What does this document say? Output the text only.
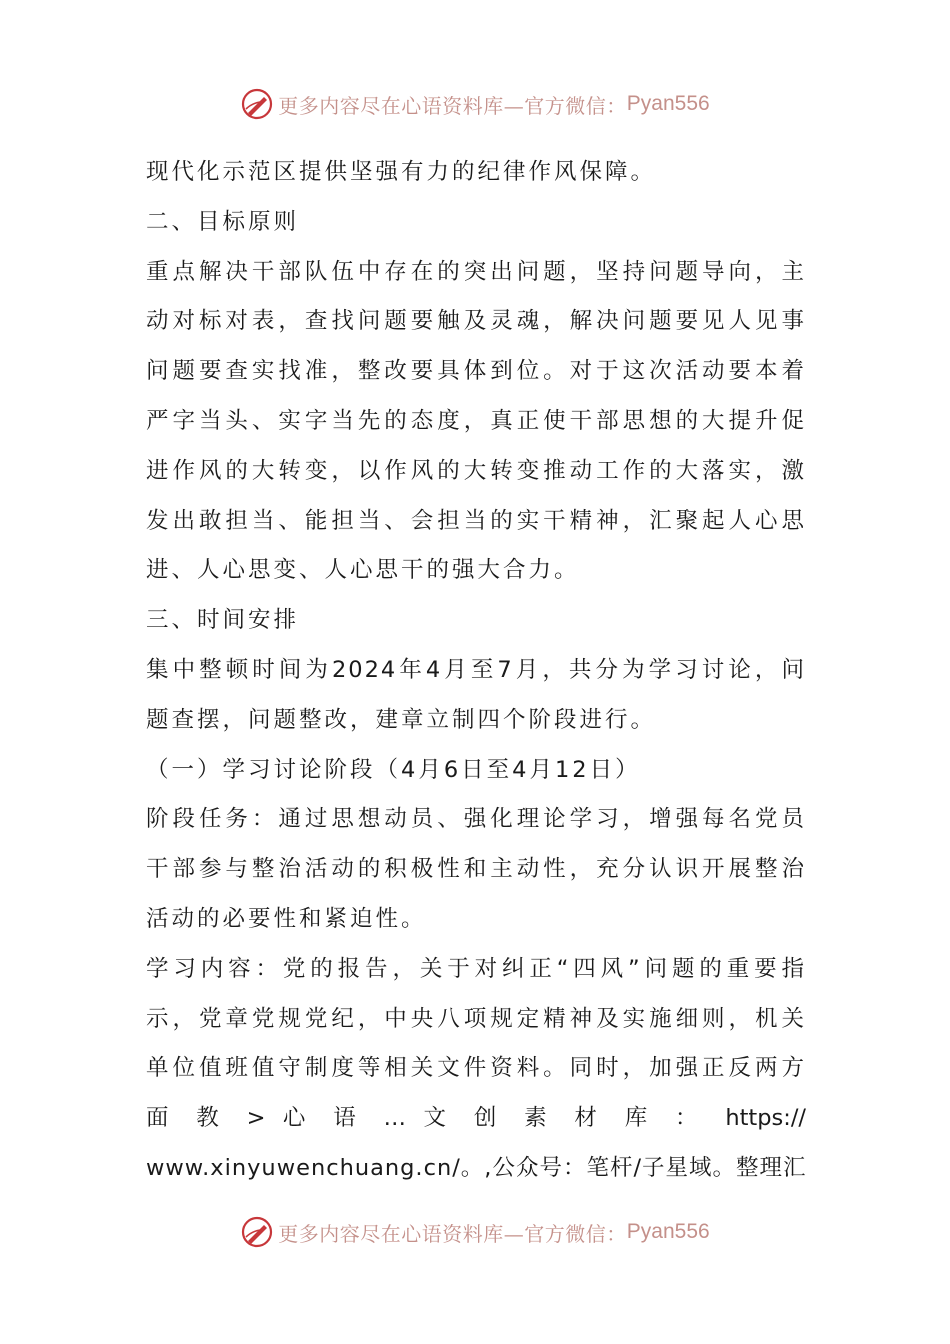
更多内容尽在心语资料库— 官方微信： Pyan556
现代化示范区提供坚强有力的纪律作风保障。
二、目标原则
重点解决干部队伍中存在的突出问题，坚持问题导向，主
动对标对表，查找问题要触及灵魂，解决问题要见人见事
问题要查实找准，整改要具体到位。对于这次活动要本着
严字当头、实字当先的态度，真正使干部思想的大提升促
进作风的大转变，以作风的大转变推动工作的大落实，激
发出敢担当、能担当、会担当的实干精神，汇聚起人心思
进、人心思变、人心思干的强大合力。
三、时间安排
集中整顿时间为2024年4月至7月，共分为学习讨论，问
题查摆，问题整改，建章立制四个阶段进行。
（一）学习讨论阶段（4月6日至4月12日）
阶段任务：通过思想动员、强化理论学习，增强每名党员
干部参与整治活动的积极性和主动性，充分认识开展整治
活动的必要性和紧迫性。
学习内容：党的报告，关于对纠正“四风”问题的重要指
示，党章党规党纪，中央八项规定精神及实施细则，机关
单位值班值守制度等相关文件资料。同时，加强正反两方
面 教 > 心 语 … 文 创 素 材 库 ： https://
www.xinyuwenchuang.cn/。,公众号：笔杆/子星域。整理汇
更多内容尽在心语资料库— 官方微信： Pyan556
